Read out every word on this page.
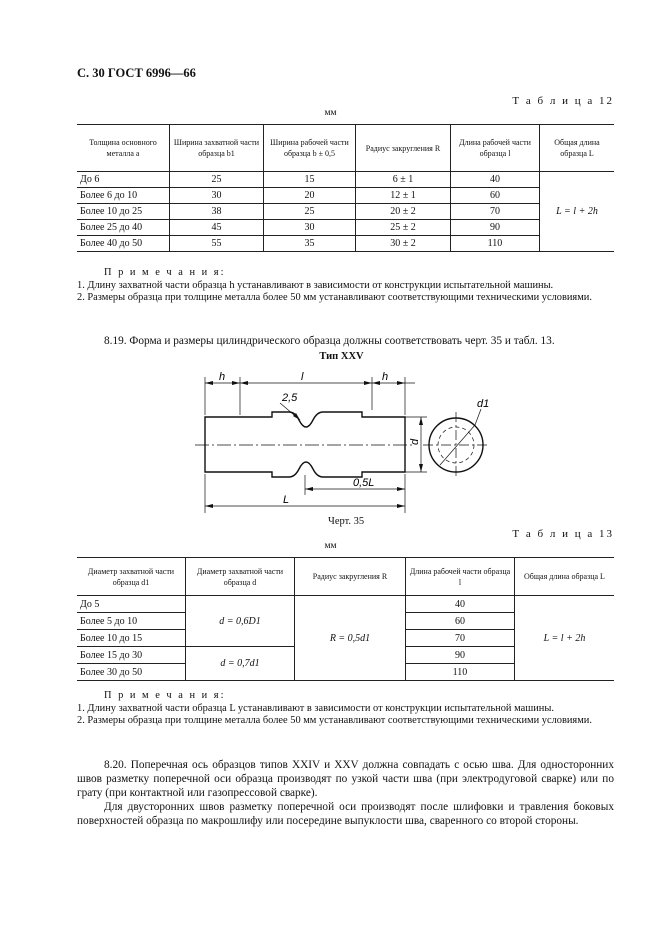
С. 30 ГОСТ 6996—66
Т а б л и ц а 12
мм
Толщина основного металла a	Ширина захватной части образца b1	Ширина рабочей части образца b ± 0,5	Радиус закругления R	Длина рабочей части образца l	Общая длина образца L
До 6	25	15	6 ± 1	40	L = l + 2h
Более 6 до 10	30	20	12 ± 1	60	
Более 10 до 25	38	25	20 ± 2	70	
Более 25 до 40	45	30	25 ± 2	90	
Более 40 до 50	55	35	30 ± 2	110	
П р и м е ч а н и я:
1. Длину захватной части образца h устанавливают в зависимости от конструкции испытательной машины.
2. Размеры образца при толщине металла более 50 мм устанавливают соответствующими техническими условиями.
8.19. Форма и размеры цилиндрического образца должны соответствовать черт. 35 и табл. 13.
Тип XXV
h	l	h
2,5	d1
d
0,5L
L
Черт. 35
Т а б л и ц а 13
мм
Диаметр захватной части образца d1	Диаметр захватной части образца d	Радиус закругления R	Длина рабочей части образца l	Общая длина образца L
До 5	d = 0,6D1	R = 0,5d1	40	L = l + 2h
Более 5 до 10			60	
Более 10 до 15			70	
Более 15 до 30	d = 0,7d1		90	
Более 30 до 50			110	
П р и м е ч а н и я:
1. Длину захватной части образца L устанавливают в зависимости от конструкции испытательной машины.
2. Размеры образца при толщине металла более 50 мм устанавливают соответствующими техническими условиями.
8.20. Поперечная ось образцов типов XXIV и XXV должна совпадать с осью шва. Для односторонних швов разметку поперечной оси образца производят по узкой части шва (при электродуговой сварке) или по грату (при контактной или газопрессовой сварке).
Для двусторонних швов разметку поперечной оси производят после шлифовки и травления боковых поверхностей образца по макрошлифу или посередине выпуклости шва, сваренного со второй стороны.
